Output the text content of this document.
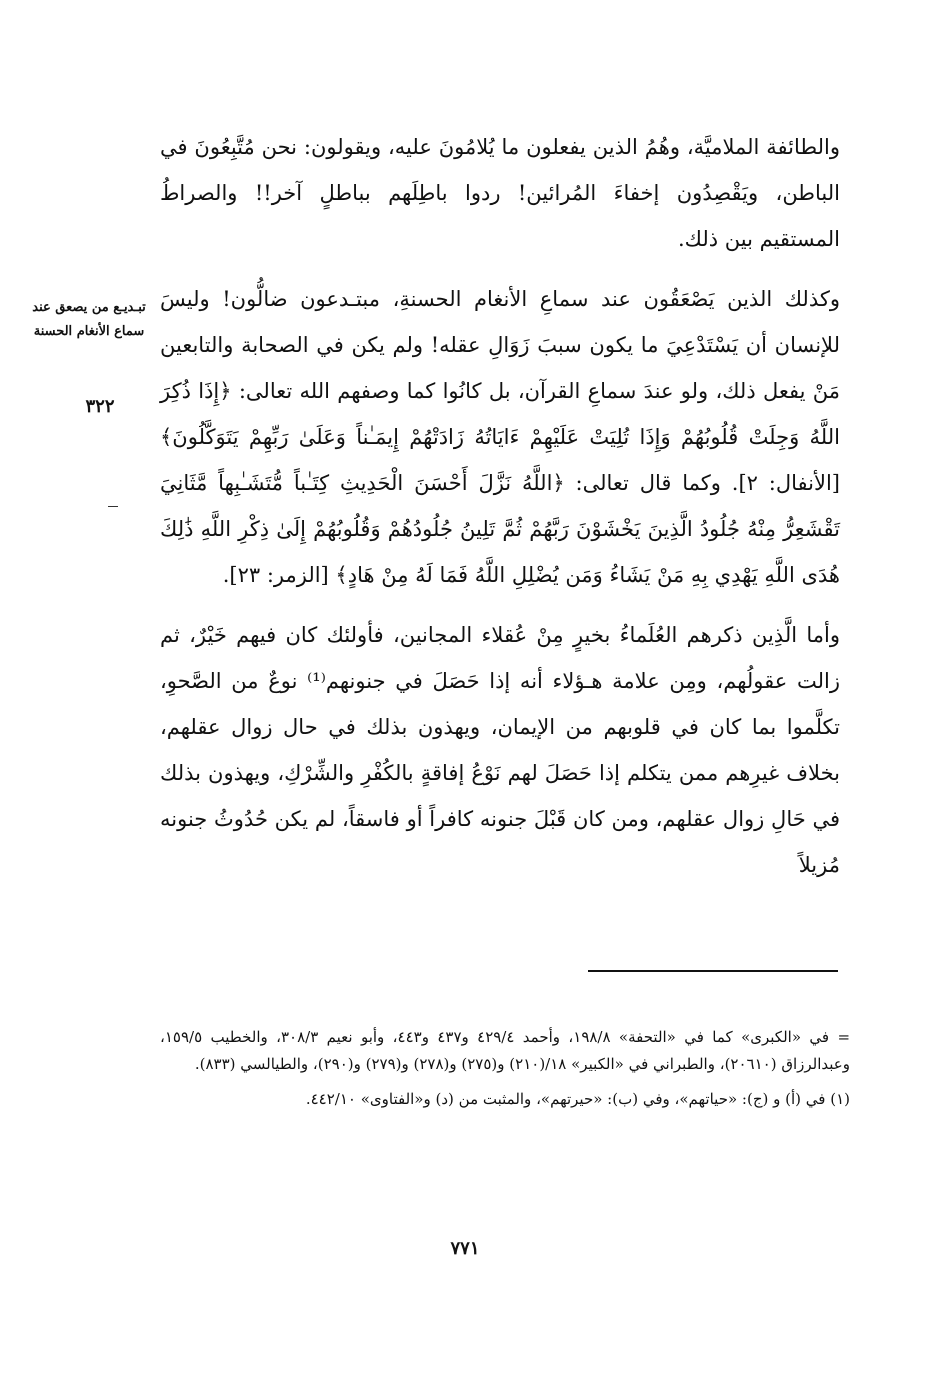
والطائفة الملاميَّة، وهُمُ الذين يفعلون ما يُلامُونَ عليه، ويقولون: نحن مُتَّبِعُونَ في الباطن، ويَقْصِدُون إخفاءَ المُرائين! ردوا باطِلَهم بباطلٍ آخر!! والصراطُ المستقيم بين ذلك.

وكذلك الذين يَصْعَقُون عند سماعِ الأنغام الحسنةِ، مبتـدعون ضالُّون! وليسَ للإنسان أن يَسْتَدْعِيَ ما يكون سببَ زَوَالِ عقله! ولم يكن في الصحابة والتابعين مَنْ يفعل ذلك، ولو عندَ سماعِ القرآن، بل كانُوا كما وصفهم الله تعالى: ﴿إِذَا ذُكِرَ اللَّهُ وَجِلَتْ قُلُوبُهُمْ وَإِذَا تُلِيَتْ عَلَيْهِمْ ءَايَاتُهُ زَادَتْهُمْ إِيمَـٰناً وَعَلَىٰ رَبِّهِمْ يَتَوَكَّلُونَ﴾ [الأنفال: ٢]. وكما قال تعالى: ﴿اللَّهُ نَزَّلَ أَحْسَنَ الْحَدِيثِ كِتَـٰباً مُّتَشَـٰبِهاً مَّثَانِيَ تَقْشَعِرُّ مِنْهُ جُلُودُ الَّذِينَ يَخْشَوْنَ رَبَّهُمْ ثُمَّ تَلِينُ جُلُودُهُمْ وَقُلُوبُهُمْ إِلَىٰ ذِكْرِ اللَّهِ ذَٰلِكَ هُدَى اللَّهِ يَهْدِي بِهِ مَنْ يَشَاءُ وَمَن يُضْلِلِ اللَّهُ فَمَا لَهُ مِنْ هَادٍ﴾ [الزمر: ٢٣].

وأما الَّذِين ذكرهم العُلَماءُ بخيرٍ مِنْ عُقلاء المجانين، فأولئك كان فيهم خَيْرٌ، ثم زالت عقولُهم، ومِن علامة هـؤلاء أنه إذا حَصَلَ في جنونهم⁽¹⁾ نوعٌ من الصَّحوِ، تكلَّموا بما كان في قلوبهم من الإيمان، ويهذون بذلك في حال زوال عقلهم، بخلاف غيرِهم ممن يتكلم إذا حَصَلَ لهم نَوْعُ إفاقةٍ بالكُفْرِ والشِّرْكِ، ويهذون بذلك في حَالِ زوال عقلهم، ومن كان قَبْلَ جنونه كافراً أو فاسقاً، لم يكن حُدُوثُ جنونه مُزيلاً

تبـديـع من يصعق عند سماع الأنغام الحسنة
٣٢٢

= في «الكبرى» كما في «التحفة» ١٩٨/٨، وأحمد ٤٢٩/٤ و٤٣٧ و٤٤٣، وأبو نعيم ٣٠٨/٣، والخطيب ١٥٩/٥، وعبدالرزاق (٢٠٦١٠)، والطبراني في «الكبير» ١٨/(٢١٠) و(٢٧٥) و(٢٧٨) و(٢٧٩) و(٢٩٠)، والطيالسي (٨٣٣).

(١) في (أ) و (ج): «حياتهم»، وفي (ب): «حيرتهم»، والمثبت من (د) و«الفتاوى» ٤٤٢/١٠.

٧٧١
